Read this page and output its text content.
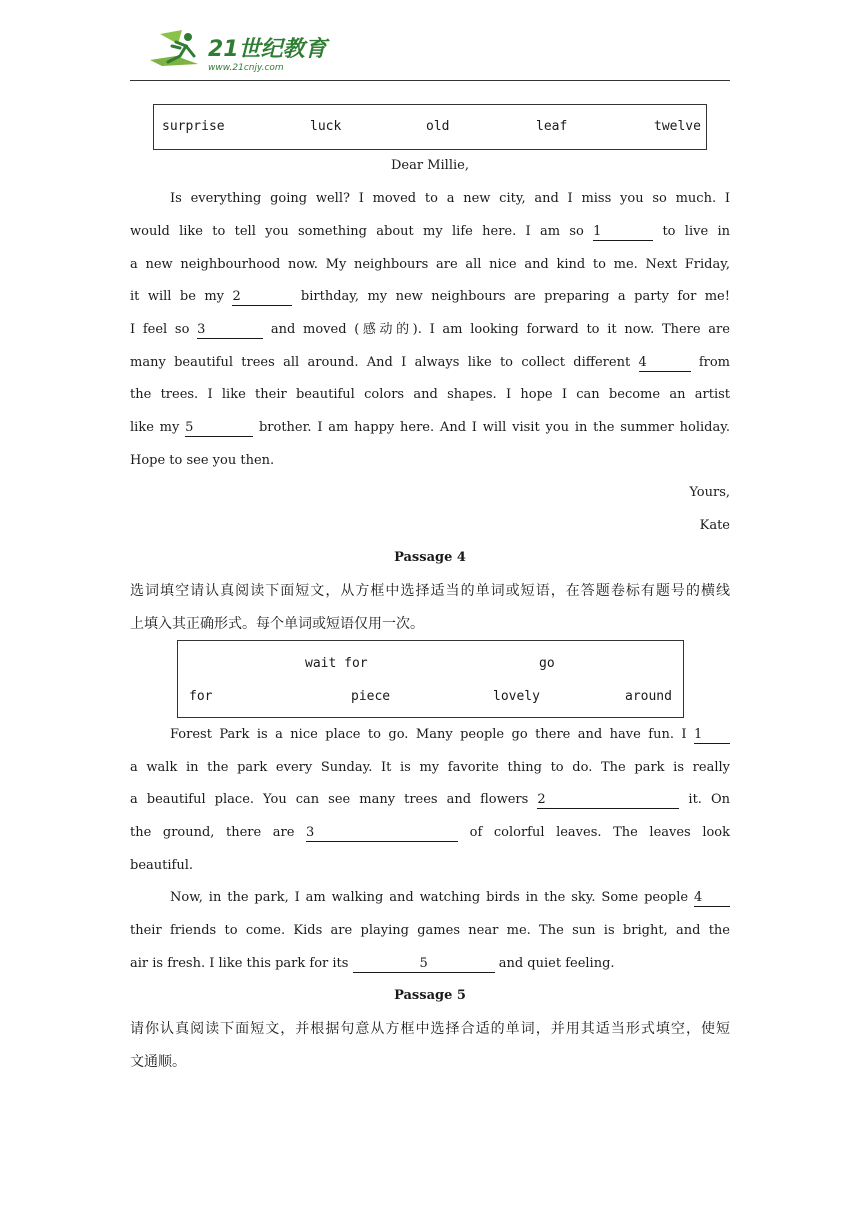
21世纪教育
www.21cnjy.com
surprise	luck	old	leaf	twelve
Dear Millie,
Is everything going well? I moved to a new city, and I miss you so much. I
would like to tell you something about my life here. I am so 1	to live in
a new neighbourhood now. My neighbours are all nice and kind to me. Next Friday,
it will be my 2	birthday, my new neighbours are preparing a party for me!
I feel so 3	and moved (感动的). I am looking forward to it now. There are
many beautiful trees all around. And I always like to collect different 4	from
the trees. I like their beautiful colors and shapes. I hope I can become an artist
like my 5	brother. I am happy here. And I will visit you in the summer holiday.
Hope to see you then.
Yours,
Kate
Passage 4
选词填空请认真阅读下面短文，从方框中选择适当的单词或短语，在答题卷标有题号的横线
上填入其正确形式。每个单词或短语仅用一次。
wait for	go
for	piece	lovely	around
Forest Park is a nice place to go. Many people go there and have fun. I 1
a walk in the park every Sunday. It is my favorite thing to do. The park is really
a beautiful place. You can see many trees and flowers 2	it. On
the ground, there are 3	of colorful leaves. The leaves look
beautiful.
Now, in the park, I am walking and watching birds in the sky. Some people 4
their friends to come. Kids are playing games near me. The sun is bright, and the
air is fresh. I like this park for its	5	and quiet feeling.
Passage 5
请你认真阅读下面短文，并根据句意从方框中选择合适的单词，并用其适当形式填空，使短
文通顺。
